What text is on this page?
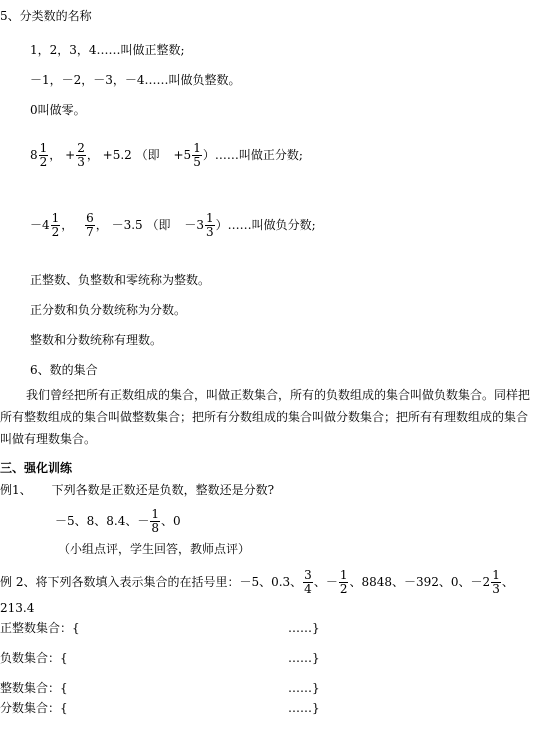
5、分类数的名称
1，2，3，4……叫做正整数;
－1，－2，－3，－4……叫做负整数。
0叫做零。
$8 \frac{1}{2}$ ， + $\frac{2}{3}$ ， +5.2 （即 $+5 \frac{1}{5}$ ）……叫做正分数;
$-4 \frac{1}{2}$ ， $\frac{6}{7}$ ， －3.5 （即 $-3 \frac{1}{3}$ ）……叫做负分数;
正整数、负整数和零统称为整数。
正分数和负分数统称为分数。
整数和分数统称有理数。
6、数的集合
我们曾经把所有正数组成的集合，叫做正数集合，所有的负数组成的集合叫做负数集合。同样把所有整数组成的集合叫做整数集合；把所有分数组成的集合叫做分数集合；把所有有理数组成的集合叫做有理数集合。
三、强化训练
例1、 下列各数是正数还是负数，整数还是分数?
－5、8、8.4、－ $\frac{1}{8}$ 、0
（小组点评，学生回答，教师点评）
例 2、将下列各数填入表示集合的在括号里：－5、0.3、 $\frac{3}{4}$ 、－ $\frac{1}{2}$ 、8848、－392、0、$-2 \frac{1}{3}$ 、
213.4
正整数集合：{	……}
负数集合：{	……}
整数集合：{	……}
分数集合：{	……}
